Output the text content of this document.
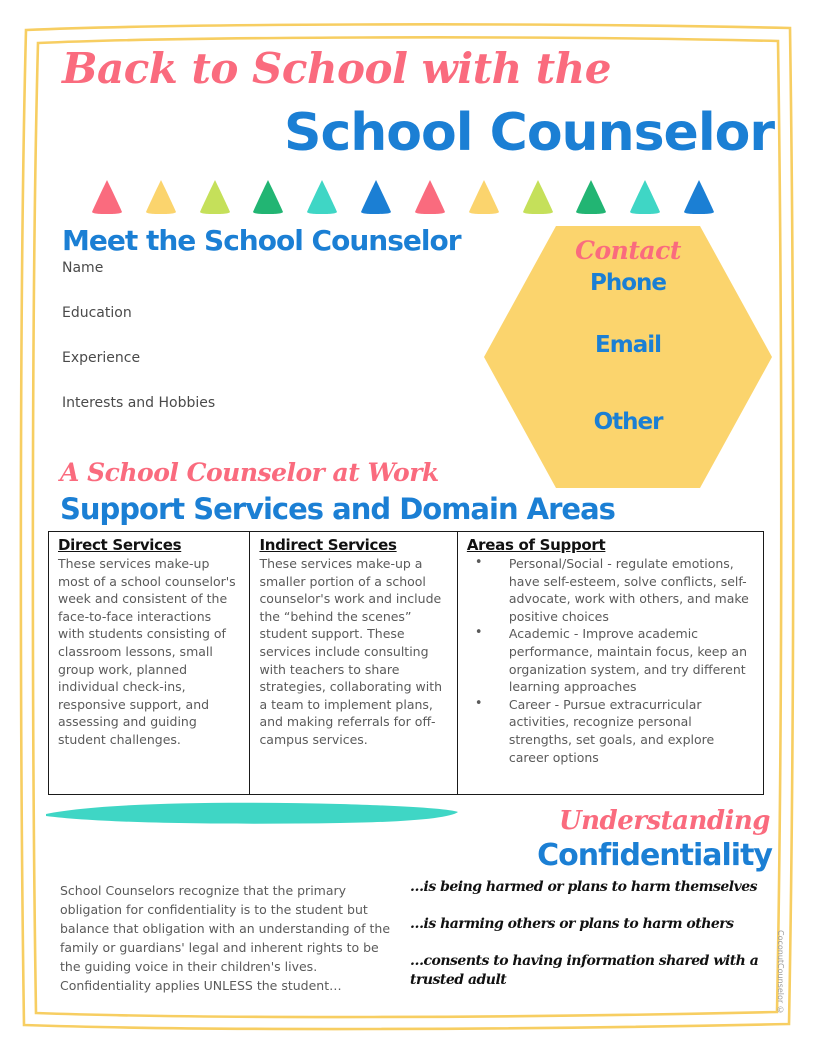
Back to School with the
School Counselor
Meet the School Counselor
Name
Education
Experience
Interests and Hobbies
Contact
Phone
Email
Other
A School Counselor at Work
Support Services and Domain Areas
Direct Services
These services make-up most of a school counselor's week and consistent of the face-to-face interactions with students consisting of classroom lessons, small group work, planned individual check-ins, responsive support, and assessing and guiding student challenges.
Indirect Services
These services make-up a smaller portion of a school counselor's work and include the “behind the scenes” student support. These services include consulting with teachers to share strategies, collaborating with a team to implement plans, and making referrals for off-campus services.
Areas of Support
• Personal/Social - regulate emotions, have self-esteem, solve conflicts, self-advocate, work with others, and make positive choices
• Academic - Improve academic performance, maintain focus, keep an organization system, and try different learning approaches
• Career - Pursue extracurricular activities, recognize personal strengths, set goals, and explore career options
Understanding
Confidentiality
School Counselors recognize that the primary obligation for confidentiality is to the student but balance that obligation with an understanding of the family or guardians' legal and inherent rights to be the guiding voice in their children's lives. Confidentiality applies UNLESS the student…
…is being harmed or plans to harm themselves
…is harming others or plans to harm others
…consents to having information shared with a trusted adult	CoconutCounselor ©
